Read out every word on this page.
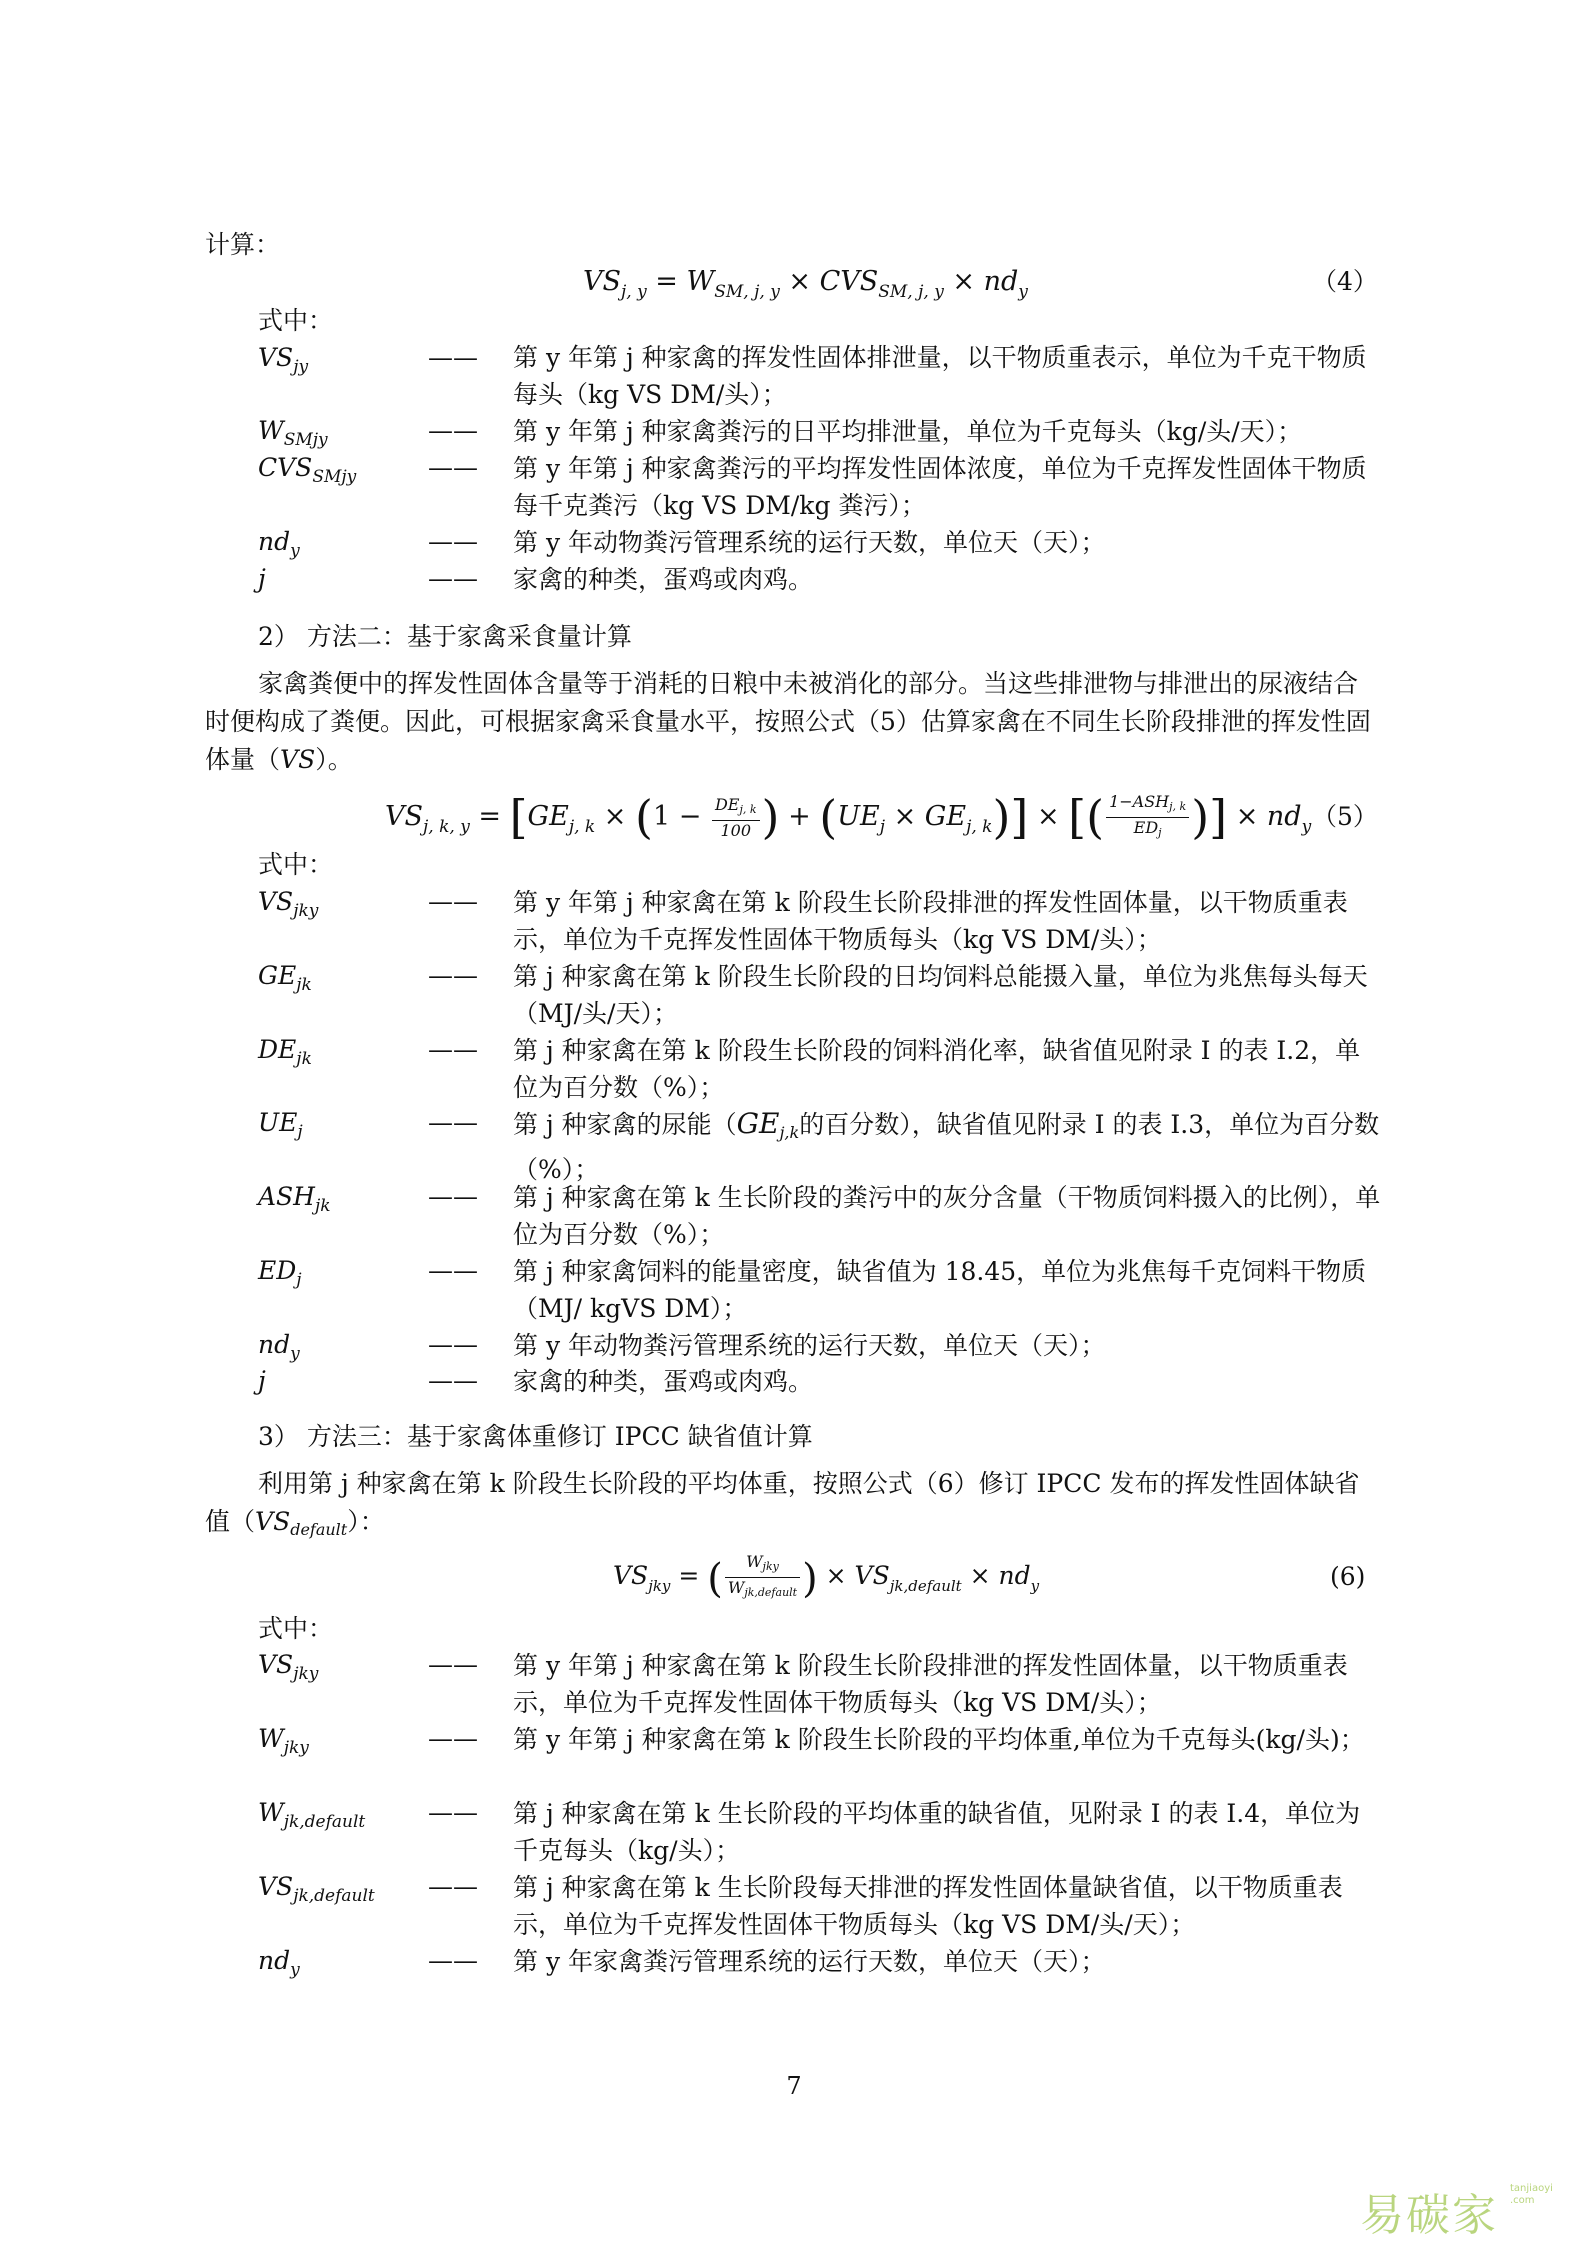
计算：
$VS_{j, y} = W_{SM, j, y} \times CVS_{SM, j, y} \times nd_y$	（4）
式中：
$VS_{jy}$	—— 第 y 年第 j 种家禽的挥发性固体排泄量，以干物质重表示，单位为千克干物质每头（kg VS DM/头）；
$W_{SMjy}$	—— 第 y 年第 j 种家禽粪污的日平均排泄量，单位为千克每头（kg/头/天）；
$CVS_{SMjy}$	—— 第 y 年第 j 种家禽粪污的平均挥发性固体浓度，单位为千克挥发性固体干物质每千克粪污（kg VS DM/kg 粪污）；
$nd_y$	—— 第 y 年动物粪污管理系统的运行天数，单位天（天）；
j	—— 家禽的种类，蛋鸡或肉鸡。
2） 方法二：基于家禽采食量计算
家禽粪便中的挥发性固体含量等于消耗的日粮中未被消化的部分。当这些排泄物与排泄出的尿液结合时便构成了粪便。因此，可根据家禽采食量水平，按照公式（5）估算家禽在不同生长阶段排泄的挥发性固体量（VS）。
$VS_{j, k, y} = [GE_{j, k} \times (1 - \frac{\text{DEj, k}}{100}$ ) + $(UE_j \times GE_{j, k})$] × [( $\frac{\text{1−ASHj, k}}{\text{EDj}}$ )] × $nd_y$ （5）
式中：
$VS_{jky}$	—— 第 y 年第 j 种家禽在第 k 阶段生长阶段排泄的挥发性固体量，以干物质重表示，单位为千克挥发性固体干物质每头（kg VS DM/头）；
$GE_{jk}$	—— 第 j 种家禽在第 k 阶段生长阶段的日均饲料总能摄入量，单位为兆焦每头每天（MJ/头/天）；
$DE_{jk}$	—— 第 j 种家禽在第 k 阶段生长阶段的饲料消化率，缺省值见附录 I 的表 I.2，单位为百分数（%）；
$UE_j$	—— 第 j 种家禽的尿能（$GE_{j,k}$的百分数），缺省值见附录 I 的表 I.3，单位为百分数（%）；
$ASH_{jk}$	—— 第 j 种家禽在第 k 生长阶段的粪污中的灰分含量（干物质饲料摄入的比例），单位为百分数（%）；
$ED_j$	—— 第 j 种家禽饲料的能量密度，缺省值为 18.45，单位为兆焦每千克饲料干物质（MJ/ kgVS DM）；
$nd_y$	—— 第 y 年动物粪污管理系统的运行天数，单位天（天）；
j	—— 家禽的种类，蛋鸡或肉鸡。
3） 方法三：基于家禽体重修订 IPCC 缺省值计算
利用第 j 种家禽在第 k 阶段生长阶段的平均体重，按照公式（6）修订 IPCC 发布的挥发性固体缺省值$(VS_{default})$：
$VS_{jky}$ = ( $\frac{\text{Wjky}}{\text{Wjk,default}}$ ) × $VS_{jk,default} \times nd_y$	(6)
式中：
$VS_{jky}$	—— 第 y 年第 j 种家禽在第 k 阶段生长阶段排泄的挥发性固体量，以干物质重表示，单位为千克挥发性固体干物质每头（kg VS DM/头）；
$W_{jky}$	—— 第 y 年第 j 种家禽在第 k 阶段生长阶段的平均体重,单位为千克每头(kg/头)；
$W_{jk,default}$	—— 第 j 种家禽在第 k 生长阶段的平均体重的缺省值，见附录 I 的表 I.4，单位为千克每头（kg/头）；
$VS_{jk,default}$ —— 第 j 种家禽在第 k 生长阶段每天排泄的挥发性固体量缺省值，以干物质重表示，单位为千克挥发性固体干物质每头（kg VS DM/头/天）；
$nd_y$	—— 第 y 年家禽粪污管理系统的运行天数，单位天（天）；
7
易碳家
tanjiaoyi
.com
